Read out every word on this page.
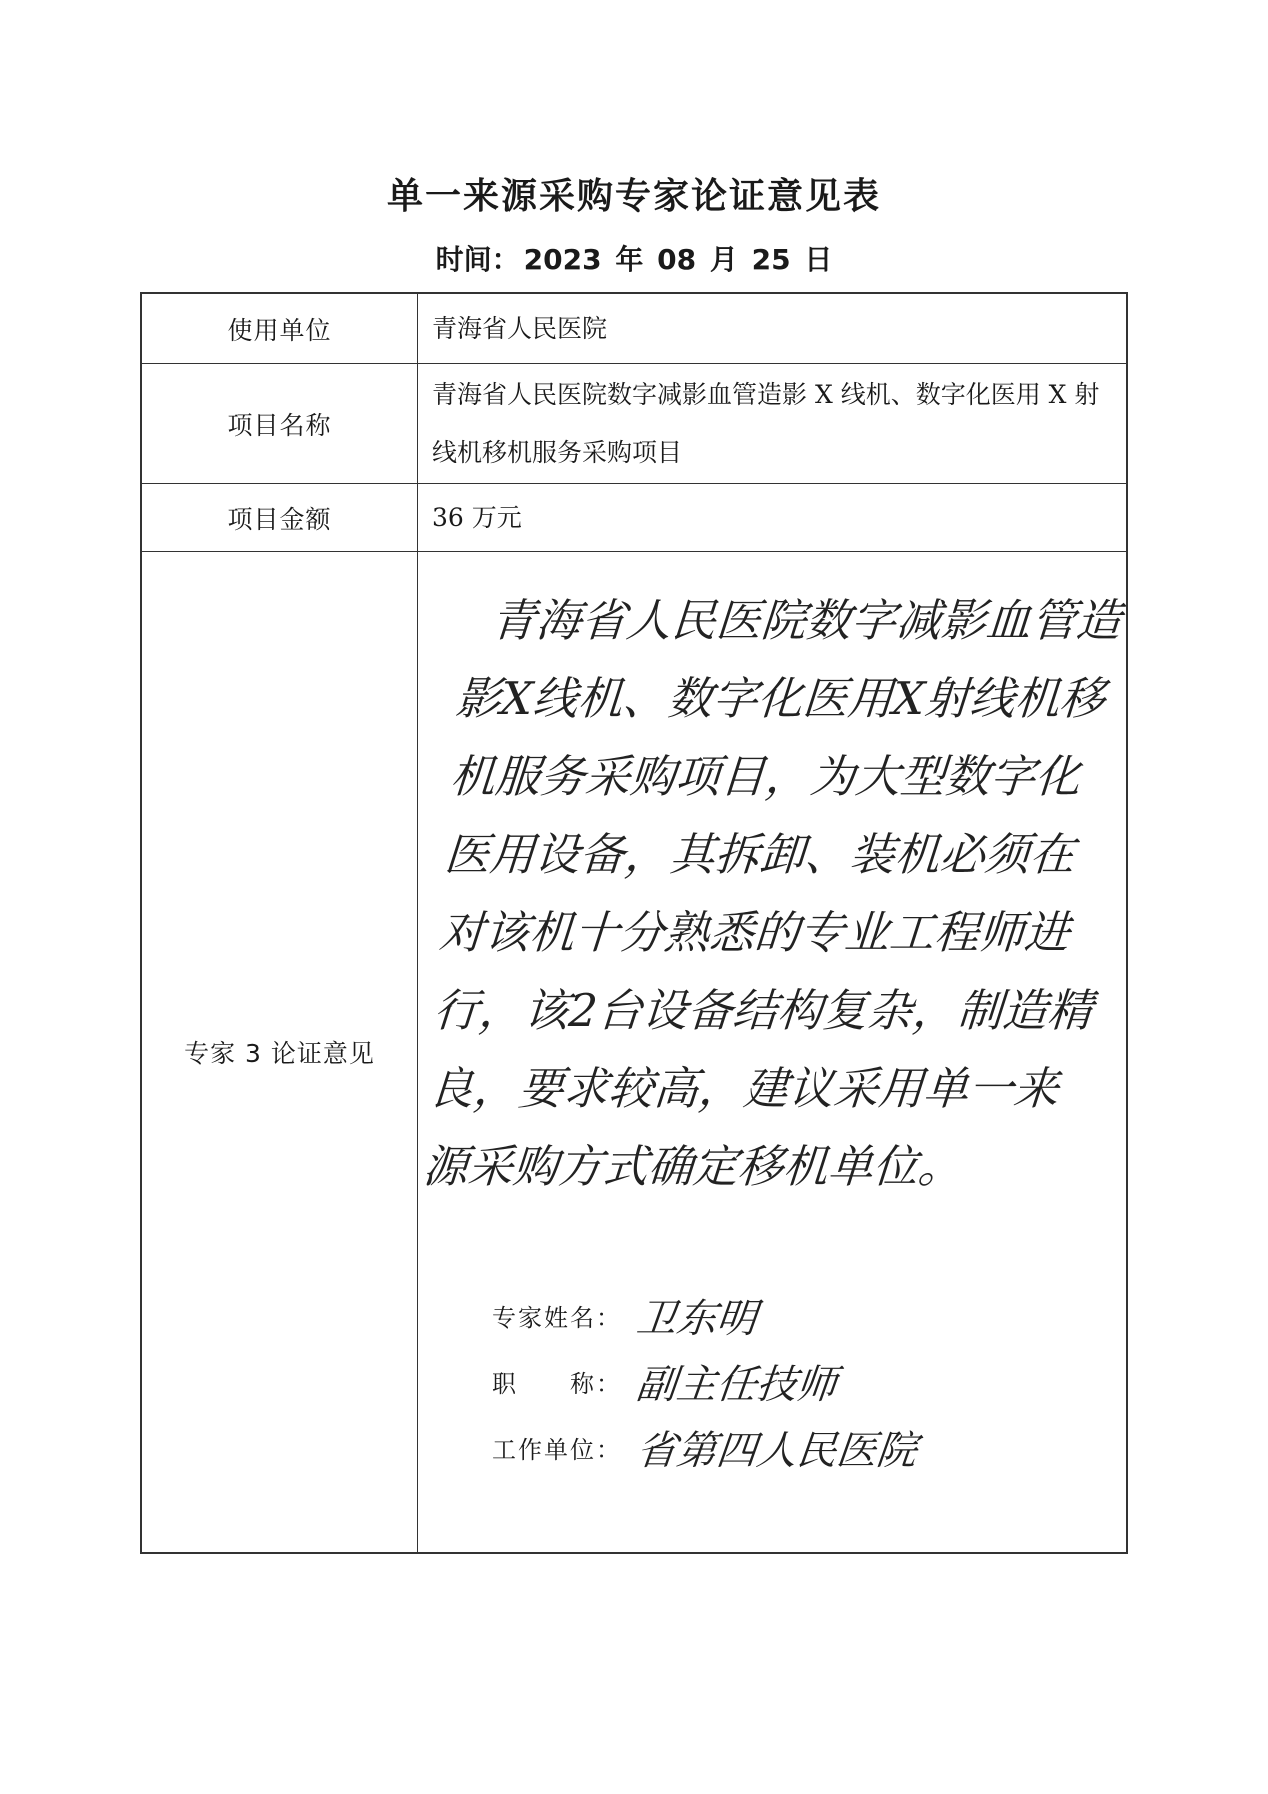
单一来源采购专家论证意见表
时间： 2023 年 08 月 25 日
使用单位	青海省人民医院
项目名称
青海省人民医院数字减影血管造影 X 线机、数字化医用 X 射线机移机服务采购项目
项目金额	36 万元
专家 3 论证意见
青海省人民医院数字减影血管造影X线机、数字化医用X射线机移机服务采购项目，为大型数字化医用设备，其拆卸、装机必须在对该机十分熟悉的专业工程师进行，该2台设备结构复杂，制造精良，要求较高，建议采用单一来源采购方式确定移机单位。
专家姓名： 卫东明
职　　称： 副主任技师
工作单位： 省第四人民医院
